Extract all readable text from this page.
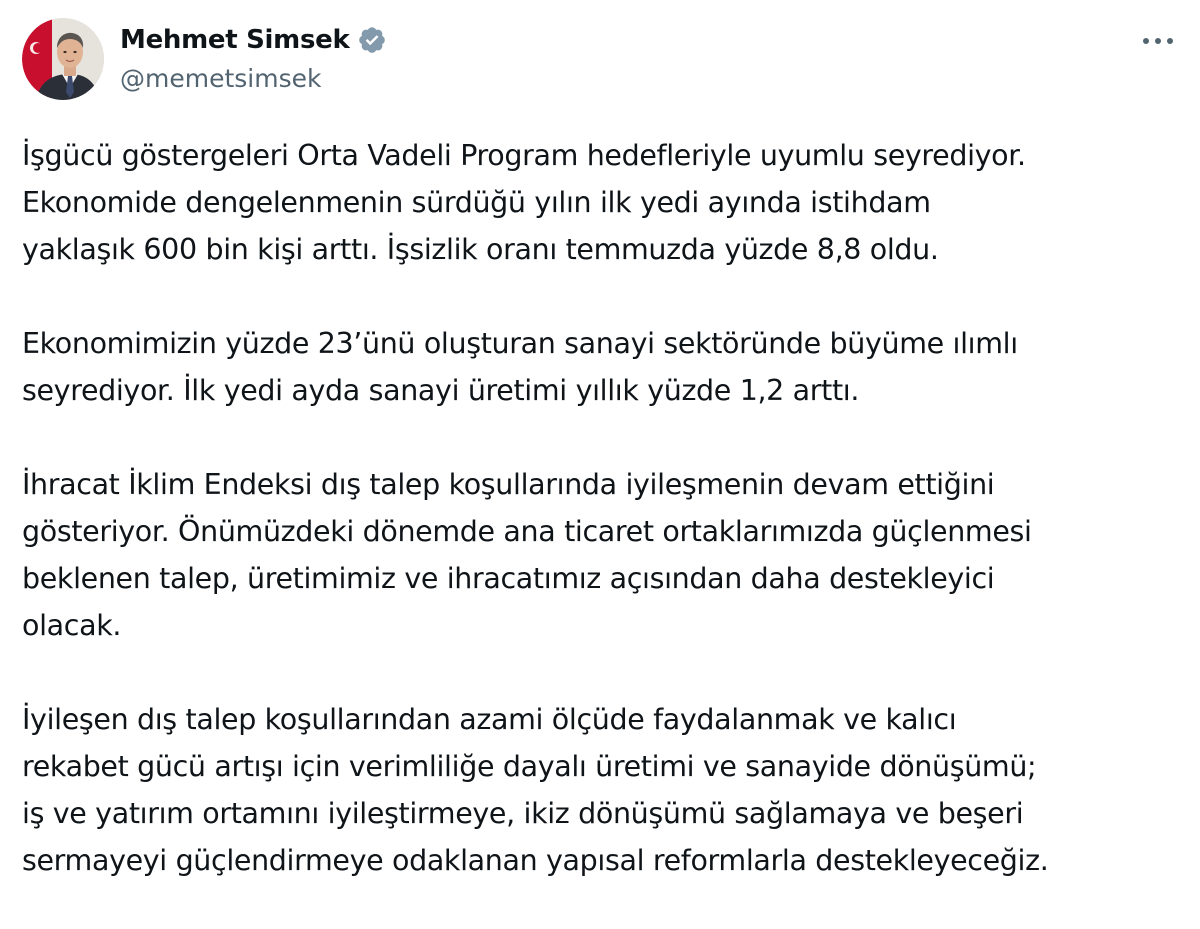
Mehmet Simsek
@memetsimsek

İşgücü göstergeleri Orta Vadeli Program hedefleriyle uyumlu seyrediyor.
Ekonomide dengelenmenin sürdüğü yılın ilk yedi ayında istihdam
yaklaşık 600 bin kişi arttı. İşsizlik oranı temmuzda yüzde 8,8 oldu.

Ekonomimizin yüzde 23’ünü oluşturan sanayi sektöründe büyüme ılımlı
seyrediyor. İlk yedi ayda sanayi üretimi yıllık yüzde 1,2 arttı.

İhracat İklim Endeksi dış talep koşullarında iyileşmenin devam ettiğini
gösteriyor. Önümüzdeki dönemde ana ticaret ortaklarımızda güçlenmesi
beklenen talep, üretimimiz ve ihracatımız açısından daha destekleyici
olacak.

İyileşen dış talep koşullarından azami ölçüde faydalanmak ve kalıcı
rekabet gücü artışı için verimliliğe dayalı üretimi ve sanayide dönüşümü;
iş ve yatırım ortamını iyileştirmeye, ikiz dönüşümü sağlamaya ve beşeri
sermayeyi güçlendirmeye odaklanan yapısal reformlarla destekleyeceğiz.
